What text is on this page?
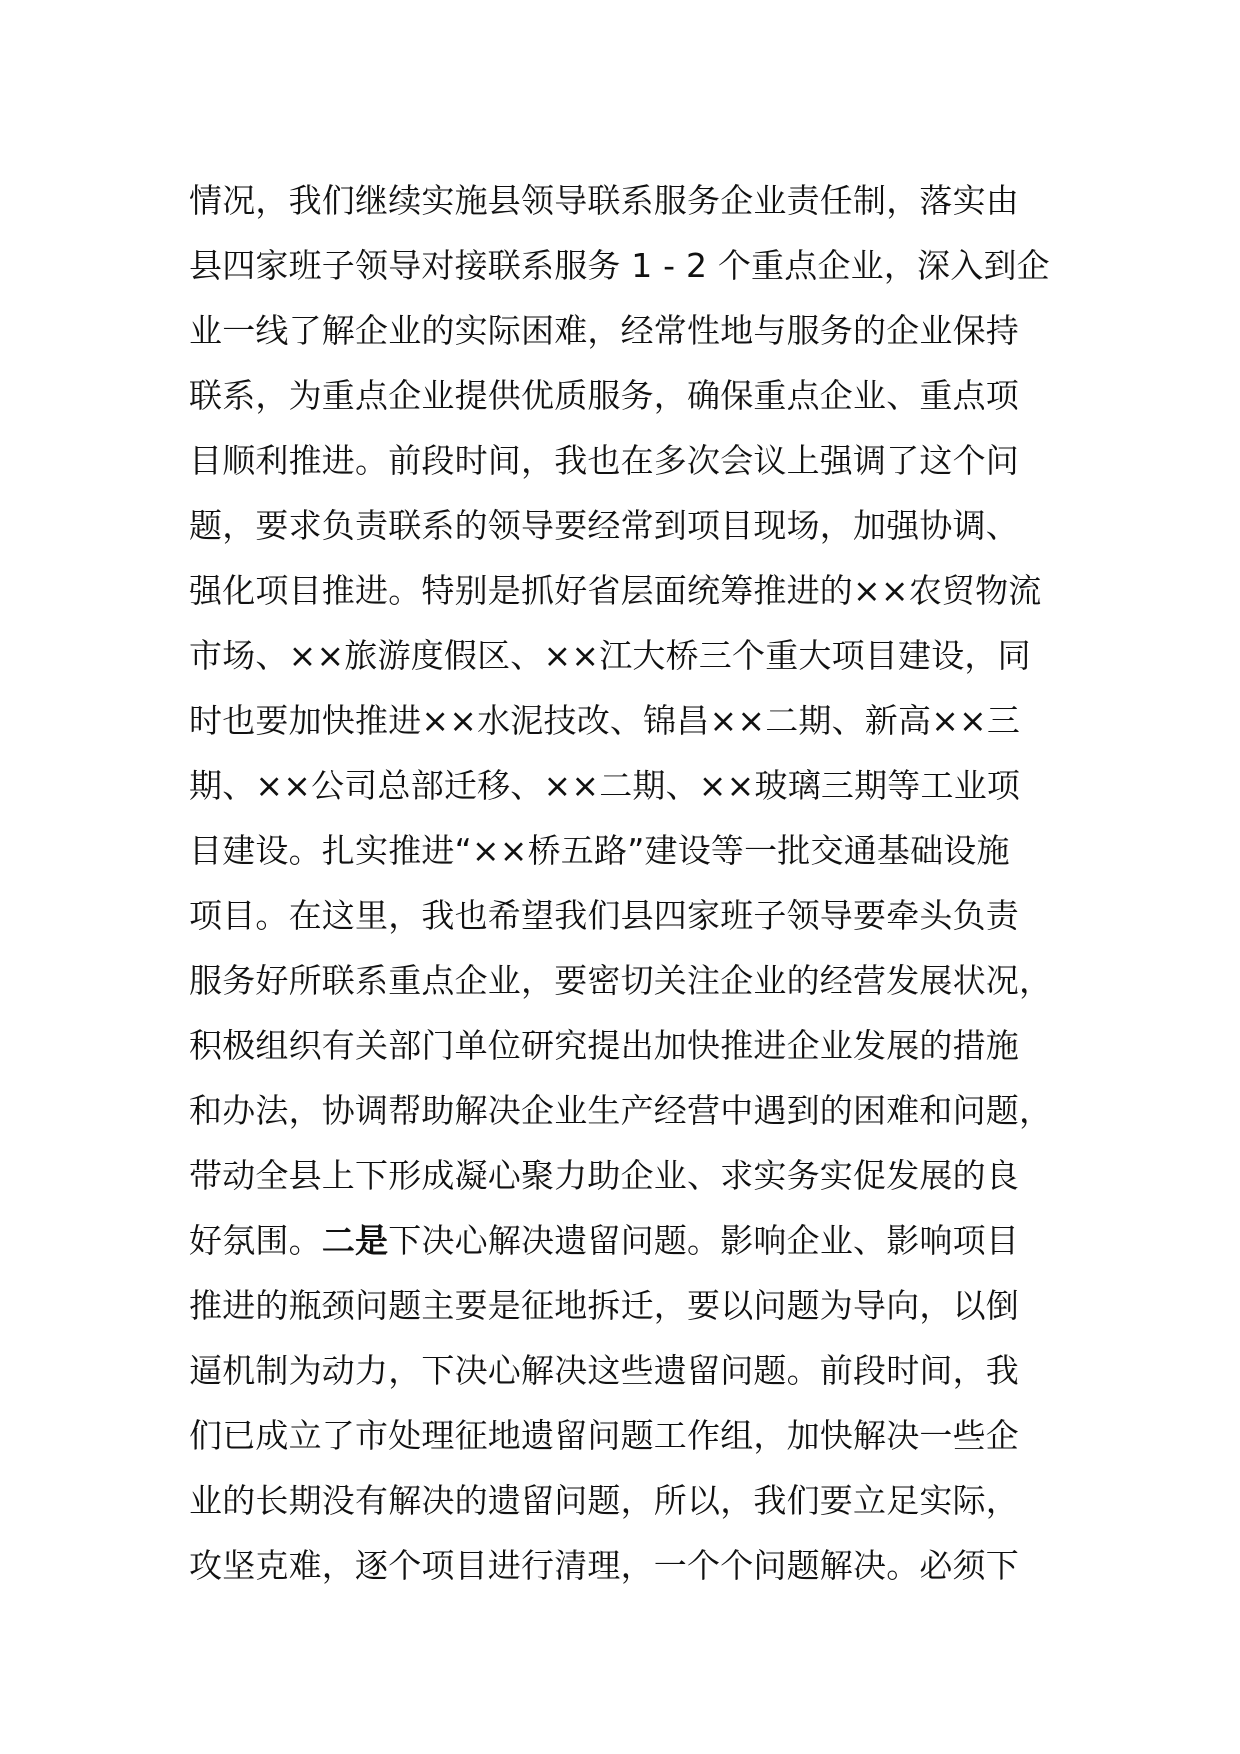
情况，我们继续实施县领导联系服务企业责任制，落实由
县四家班子领导对接联系服务 1 - 2 个重点企业，深入到企
业一线了解企业的实际困难，经常性地与服务的企业保持
联系，为重点企业提供优质服务，确保重点企业、重点项
目顺利推进。前段时间，我也在多次会议上强调了这个问
题，要求负责联系的领导要经常到项目现场，加强协调、
强化项目推进。特别是抓好省层面统筹推进的××农贸物流
市场、××旅游度假区、××江大桥三个重大项目建设，同
时也要加快推进××水泥技改、锦昌××二期、新高××三
期、××公司总部迁移、××二期、××玻璃三期等工业项
目建设。扎实推进“××桥五路”建设等一批交通基础设施
项目。在这里，我也希望我们县四家班子领导要牵头负责
服务好所联系重点企业，要密切关注企业的经营发展状况，
积极组织有关部门单位研究提出加快推进企业发展的措施
和办法，协调帮助解决企业生产经营中遇到的困难和问题，
带动全县上下形成凝心聚力助企业、求实务实促发展的良
好氛围。二是下决心解决遗留问题。影响企业、影响项目
推进的瓶颈问题主要是征地拆迁，要以问题为导向，以倒
逼机制为动力，下决心解决这些遗留问题。前段时间，我
们已成立了市处理征地遗留问题工作组，加快解决一些企
业的长期没有解决的遗留问题，所以，我们要立足实际，
攻坚克难，逐个项目进行清理，一个个问题解决。必须下
